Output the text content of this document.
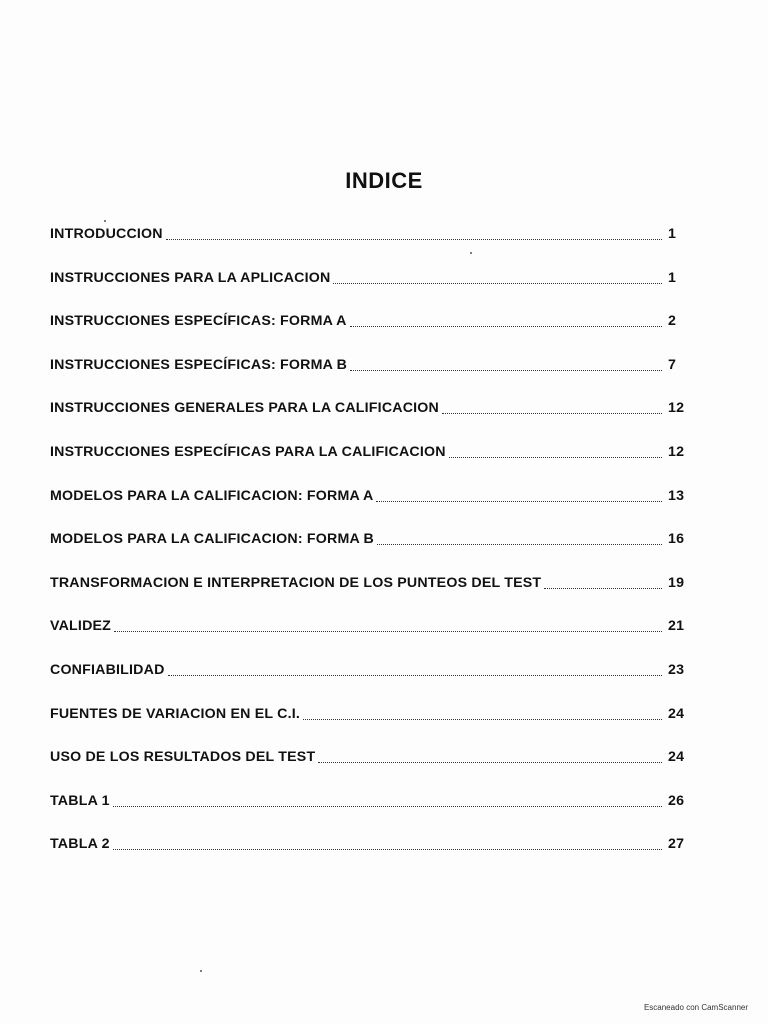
INDICE
INTRODUCCION	1
INSTRUCCIONES PARA LA APLICACION	1
INSTRUCCIONES ESPECÍFICAS: FORMA A	2
INSTRUCCIONES ESPECÍFICAS: FORMA B	7
INSTRUCCIONES GENERALES PARA LA CALIFICACION	12
INSTRUCCIONES ESPECÍFICAS PARA LA CALIFICACION	12
MODELOS PARA LA CALIFICACION: FORMA A	13
MODELOS PARA LA CALIFICACION: FORMA B	16
TRANSFORMACION E INTERPRETACION DE LOS PUNTEOS DEL TEST	19
VALIDEZ	21
CONFIABILIDAD	23
FUENTES DE VARIACION EN EL C.I.	24
USO DE LOS RESULTADOS DEL TEST	24
TABLA 1	26
TABLA 2	27
Escaneado con CamScanner
